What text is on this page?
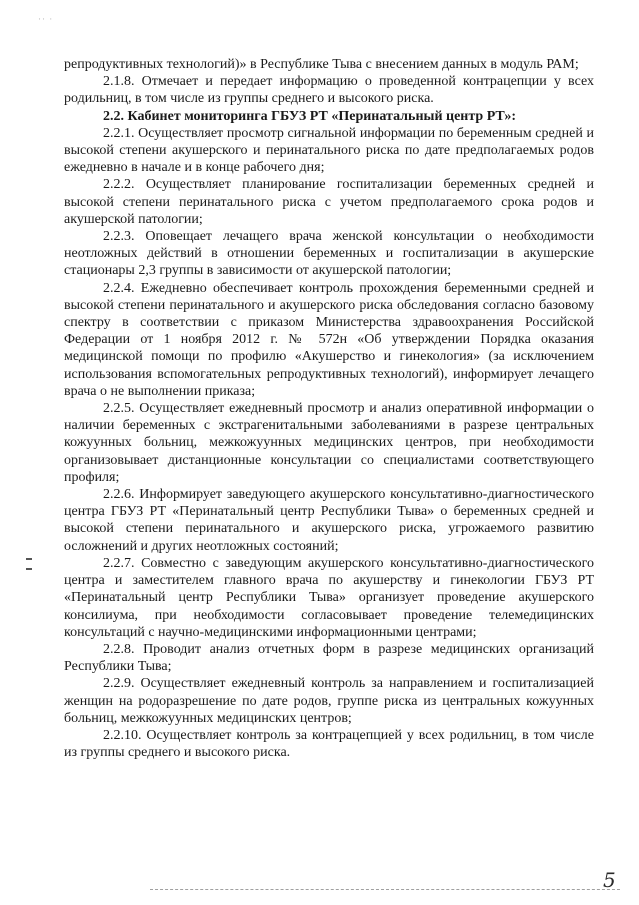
·· ·

репродуктивных технологий)» в Республике Тыва с внесением данных в модуль РАМ;

2.1.8. Отмечает и передает информацию о проведенной контрацепции у всех родильниц, в том числе из группы среднего и высокого риска.

2.2. Кабинет мониторинга ГБУЗ РТ «Перинатальный центр РТ»:

2.2.1. Осуществляет просмотр сигнальной информации по беременным средней и высокой степени акушерского и перинатального риска по дате предполагаемых родов ежедневно в начале и в конце рабочего дня;

2.2.2. Осуществляет планирование госпитализации беременных средней и высокой степени перинатального риска с учетом предполагаемого срока родов и акушерской патологии;

2.2.3. Оповещает лечащего врача женской консультации о необходимости неотложных действий в отношении беременных и госпитализации в акушерские стационары 2,3 группы в зависимости от акушерской патологии;

2.2.4. Ежедневно обеспечивает контроль прохождения беременными средней и высокой степени перинатального и акушерского риска обследования согласно базовому спектру в соответствии с приказом Министерства здравоохранения Российской Федерации от 1 ноября 2012 г. № 572н «Об утверждении Порядка оказания медицинской помощи по профилю «Акушерство и гинекология» (за исключением использования вспомогательных репродуктивных технологий), информирует лечащего врача о не выполнении приказа;

2.2.5. Осуществляет ежедневный просмотр и анализ оперативной информации о наличии беременных с экстрагенитальными заболеваниями в разрезе центральных кожуунных больниц, межкожуунных медицинских центров, при необходимости организовывает дистанционные консультации со специалистами соответствующего профиля;

2.2.6. Информирует заведующего акушерского консультативно-диагностического центра ГБУЗ РТ «Перинатальный центр Республики Тыва» о беременных средней и высокой степени перинатального и акушерского риска, угрожаемого развитию осложнений и других неотложных состояний;

2.2.7. Совместно с заведующим акушерского консультативно-диагностического центра и заместителем главного врача по акушерству и гинекологии ГБУЗ РТ «Перинатальный центр Республики Тыва» организует проведение акушерского консилиума, при необходимости согласовывает проведение телемедицинских консультаций с научно-медицинскими информационными центрами;

2.2.8. Проводит анализ отчетных форм в разрезе медицинских организаций Республики Тыва;

2.2.9. Осуществляет ежедневный контроль за направлением и госпитализацией женщин на родоразрешение по дате родов, группе риска из центральных кожуунных больниц, межкожуунных медицинских центров;

2.2.10. Осуществляет контроль за контрацепцией у всех родильниц, в том числе из группы среднего и высокого риска.

5
